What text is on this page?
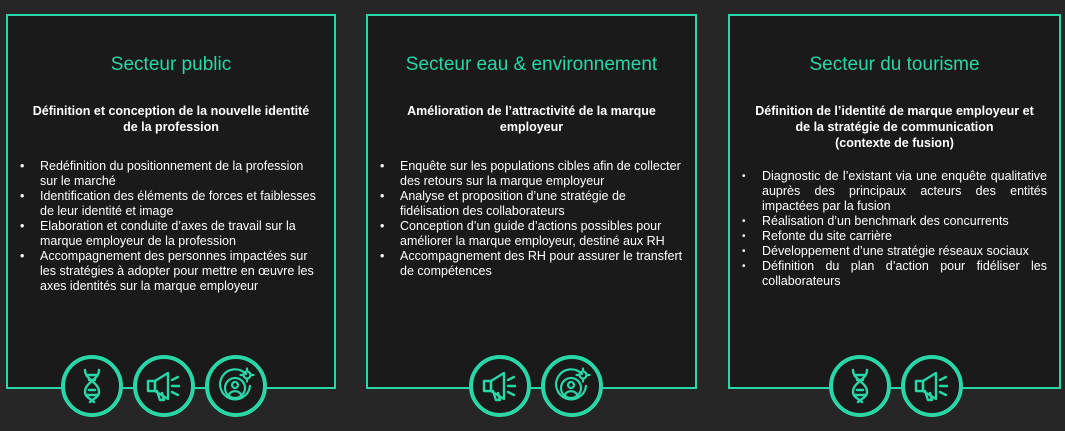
Secteur public
Définition et conception de la nouvelle identité de la profession
• Redéfinition du positionnement de la profession sur le marché
• Identification des éléments de forces et faiblesses de leur identité et image
• Elaboration et conduite d’axes de travail sur la marque employeur de la profession
• Accompagnement des personnes impactées sur les stratégies à adopter pour mettre en œuvre les axes identités sur la marque employeur
Secteur eau & environnement
Amélioration de l’attractivité de la marque employeur
• Enquête sur les populations cibles afin de collecter des retours sur la marque employeur
• Analyse et proposition d’une stratégie de fidélisation des collaborateurs
• Conception d’un guide d’actions possibles pour améliorer la marque employeur, destiné aux RH
• Accompagnement des RH pour assurer le transfert de compétences
Secteur du tourisme
Définition de l’identité de marque employeur et de la stratégie de communication
(contexte de fusion)
• Diagnostic de l’existant via une enquête qualitative auprès des principaux acteurs des entités impactées par la fusion
• Réalisation d’un benchmark des concurrents
• Refonte du site carrière
• Développement d’une stratégie réseaux sociaux
• Définition du plan d’action pour fidéliser les collaborateurs
